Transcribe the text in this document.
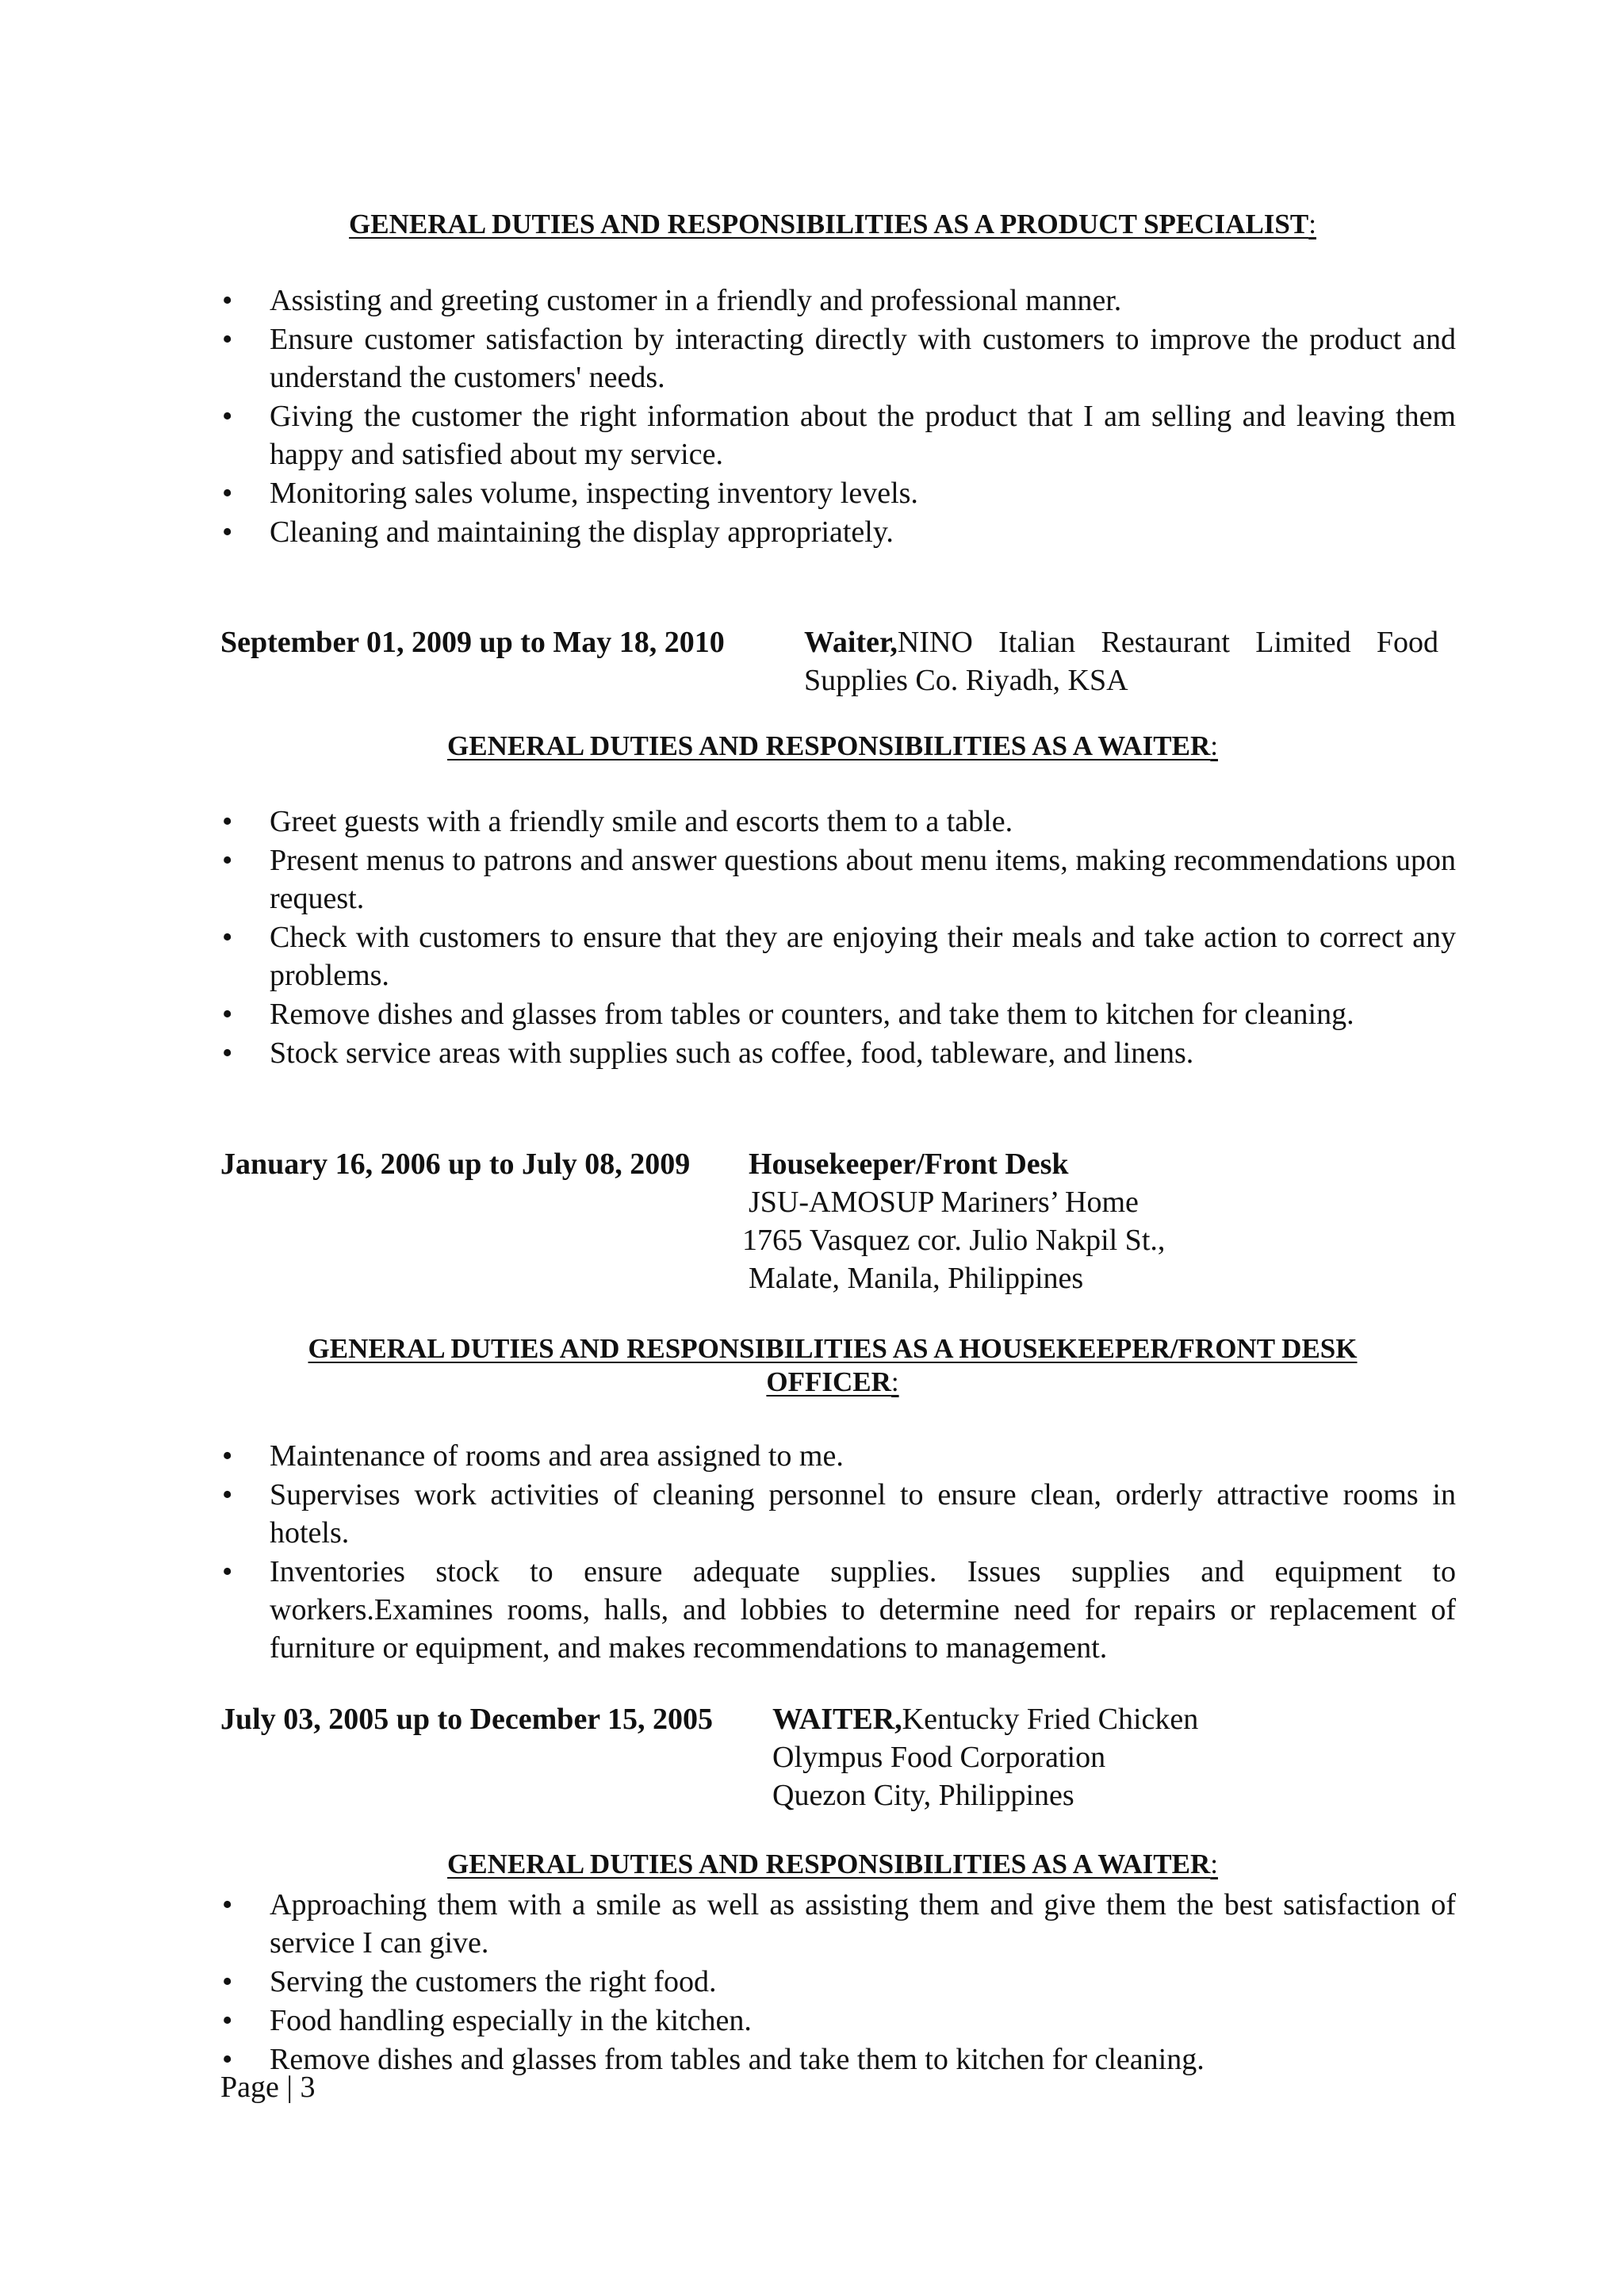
GENERAL DUTIES AND RESPONSIBILITIES AS A PRODUCT SPECIALIST:
•	Assisting and greeting customer in a friendly and professional manner.
•	Ensure customer satisfaction by interacting directly with customers to improve the product and understand the customers' needs.
•	Giving the customer the right information about the product that I am selling and leaving them happy and satisfied about my service.
•	Monitoring sales volume, inspecting inventory levels.
•	Cleaning and maintaining the display appropriately.
September 01, 2009 up to May 18, 2010	Waiter,NINO Italian Restaurant Limited Food
Supplies Co. Riyadh, KSA
GENERAL DUTIES AND RESPONSIBILITIES AS A WAITER:
•	Greet guests with a friendly smile and escorts them to a table.
•	Present menus to patrons and answer questions about menu items, making recommendations upon request.
•	Check with customers to ensure that they are enjoying their meals and take action to correct any problems.
•	Remove dishes and glasses from tables or counters, and take them to kitchen for cleaning.
•	Stock service areas with supplies such as coffee, food, tableware, and linens.
January 16, 2006 up to July 08, 2009 Housekeeper/Front Desk
JSU-AMOSUP Mariners’ Home
1765 Vasquez cor. Julio Nakpil St.,
Malate, Manila, Philippines
GENERAL DUTIES AND RESPONSIBILITIES AS A HOUSEKEEPER/FRONT DESK
OFFICER:
•	Maintenance of rooms and area assigned to me.
•	Supervises work activities of cleaning personnel to ensure clean, orderly attractive rooms in hotels.
•	Inventories stock to ensure adequate supplies. Issues supplies and equipment to workers.Examines rooms, halls, and lobbies to determine need for repairs or replacement of furniture or equipment, and makes recommendations to management.
July 03, 2005 up to December 15, 2005 WAITER,Kentucky Fried Chicken
Olympus Food Corporation
Quezon City, Philippines
GENERAL DUTIES AND RESPONSIBILITIES AS A WAITER:
•	Approaching them with a smile as well as assisting them and give them the best satisfaction of service I can give.
•	Serving the customers the right food.
•	Food handling especially in the kitchen.
•	Remove dishes and glasses from tables and take them to kitchen for cleaning.
Page | 3
